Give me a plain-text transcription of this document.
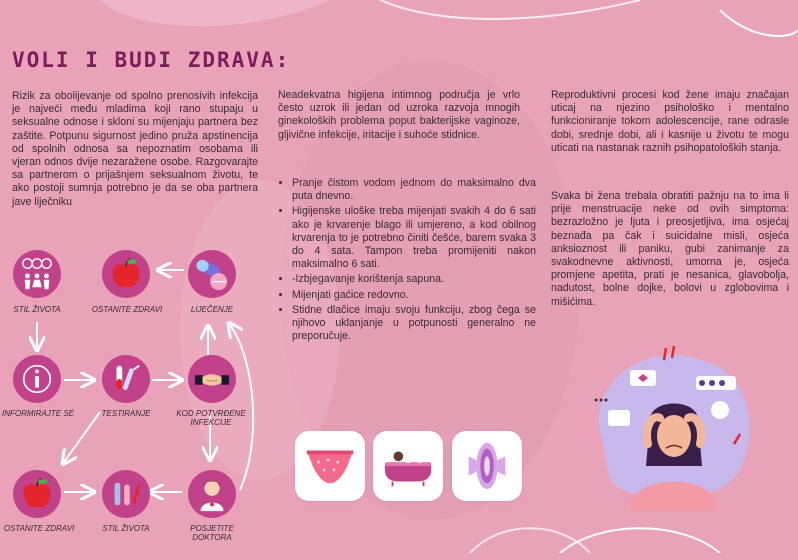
VOLI I BUDI ZDRAVA:

Rizik za obolijevanje od spolno prenosivih infekcija je najveći među mladima koji rano stupaju u seksualne odnose i skloni su mijenjaju partnera bez zaštite. Potpunu sigurnost jedino pruža apstinencija od spolnih odnosa sa nepoznatim osobama ili vjeran odnos dvije nezaražene osobe. Razgovarajte sa partnerom o prijašnjem seksualnom životu, te ako postoji sumnja potrebno je da se oba partnera jave liječniku

Neadekvatna higijena intimnog područja je vrlo često uzrok ili jedan od uzroka razvoja mnogih ginekoloških problema poput bakterijske vaginoze, gljivične infekcije, iritacije i suhoće stidnice.

• Pranje čistom vodom jednom do maksimalno dva puta dnevno.
• Higijenske uloške treba mijenjati svakih 4 do 6 sati ako je krvarenje blago ili umjereno, a kod obilnog krvarenja to je potrebno činiti češće, barem svaka 3 do 4 sata. Tampon treba promijeniti nakon maksimalno 6 sati.
• -Izbjegavanje korištenja sapuna.
• Mijenjati gaćice redovno.
• Stidne dlačice imaju svoju funkciju, zbog čega se njihovo uklanjanje u potpunosti generalno ne preporučuje.

Reproduktivni procesi kod žene imaju značajan uticaj na njezino psihološko i mentalno funkcioniranje tokom adolescencije, rane odrasle dobi, srednje dobi, ali i kasnije u životu te mogu uticati na nastanak raznih psihopatoloških stanja.

Svaka bi žena trebala obratiti pažnju na to ima li prije menstruacije neke od ovih simptoma: bezrazložno je ljuta i preosjetljiva, ima osjećaj beznađa pa čak i suicidalne misli, osjeća anksioznost ili paniku, gubi zanimanje za svakodnevne aktivnosti, umorna je, osjeća promjene apetita, prati je nesanica, glavobolja, nadutost, bolne dojke, bolovi u zglobovima i mišićima.

STIL ŽIVOTA	OSTANITE ZDRAVI	LIJEČENJE
INFORMIRAJTE SE	TESTIRANJE	KOD POTVRĐENE INFEKCIJE
OSTANITE ZDRAVI	STIL ŽIVOTA	POSJETITE DOKTORA
